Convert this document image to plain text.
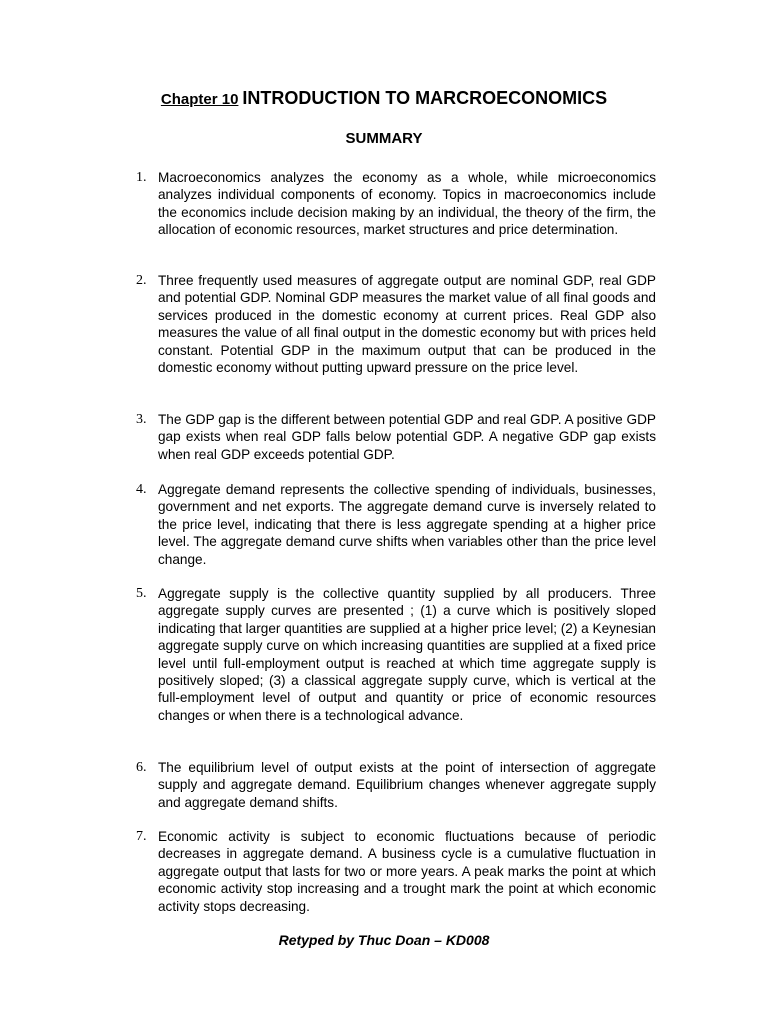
Chapter 10 INTRODUCTION TO MARCROECONOMICS
SUMMARY
1. Macroeconomics analyzes the economy as a whole, while microeconomics analyzes individual components of economy. Topics in macroeconomics include the economics include decision making by an individual, the theory of the firm, the allocation of economic resources, market structures and price determination.
2. Three frequently used measures of aggregate output are nominal GDP, real GDP and potential GDP. Nominal GDP measures the market value of all final goods and services produced in the domestic economy at current prices. Real GDP also measures the value of all final output in the domestic economy but with prices held constant. Potential GDP in the maximum output that can be produced in the domestic economy without putting upward pressure on the price level.
3. The GDP gap is the different between potential GDP and real GDP. A positive GDP gap exists when real GDP falls below potential GDP. A negative GDP gap exists when real GDP exceeds potential GDP.
4. Aggregate demand represents the collective spending of individuals, businesses, government and net exports. The aggregate demand curve is inversely related to the price level, indicating that there is less aggregate spending at a higher price level. The aggregate demand curve shifts when variables other than the price level change.
5. Aggregate supply is the collective quantity supplied by all producers. Three aggregate supply curves are presented ; (1) a curve which is positively sloped indicating that larger quantities are supplied at a higher price level; (2) a Keynesian aggregate supply curve on which increasing quantities are supplied at a fixed price level until full-employment output is reached at which time aggregate supply is positively sloped; (3) a classical aggregate supply curve, which is vertical at the full-employment level of output and quantity or price of economic resources changes or when there is a technological advance.
6. The equilibrium level of output exists at the point of intersection of aggregate supply and aggregate demand. Equilibrium changes whenever aggregate supply and aggregate demand shifts.
7. Economic activity is subject to economic fluctuations because of periodic decreases in aggregate demand. A business cycle is a cumulative fluctuation in aggregate output that lasts for two or more years. A peak marks the point at which economic activity stop increasing and a trought mark the point at which economic activity stops decreasing.
Retyped by Thuc Doan – KD008
